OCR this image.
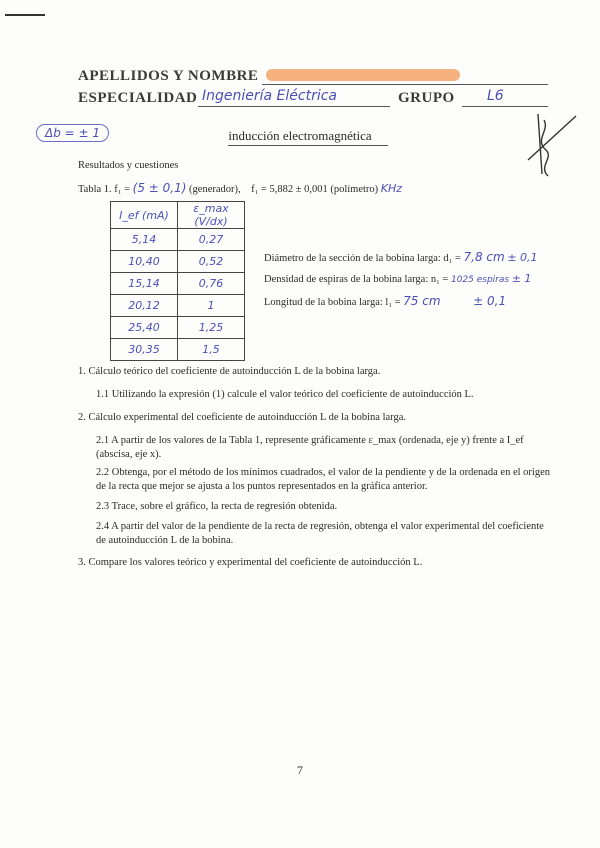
APELLIDOS Y NOMBRE
ESPECIALIDAD Ingeniería Eléctrica	GRUPO L6
Δb = ± 1	inducción electromagnética
Resultados y cuestiones
Tabla 1. f₁ = (5 ± 0,1) (generador), f₁ = 5,882 ± 0,001 (polímetro) KHz
I_ef (mA)	ε_max (V/dx)
5,14	0,27
10,40	0,52
15,14	0,76
20,12	1
25,40	1,25
30,35	1,5
Diámetro de la sección de la bobina larga: d₁ = 7,8 cm ± 0,1
Densidad de espiras de la bobina larga: n₁ = 1025 espiras ± 1
Longitud de la bobina larga: l₁ = 75 cm	± 0,1
1. Cálculo teórico del coeficiente de autoinducción L de la bobina larga.
1.1 Utilizando la expresión (1) calcule el valor teórico del coeficiente de autoinducción L.
2. Cálculo experimental del coeficiente de autoinducción L de la bobina larga.
2.1 A partir de los valores de la Tabla 1, represente gráficamente ε_max (ordenada, eje y) frente a I_ef (abscisa, eje x).
2.2 Obtenga, por el método de los mínimos cuadrados, el valor de la pendiente y de la ordenada en el origen de la recta que mejor se ajusta a los puntos representados en la gráfica anterior.
2.3 Trace, sobre el gráfico, la recta de regresión obtenida.
2.4 A partir del valor de la pendiente de la recta de regresión, obtenga el valor experimental del coeficiente de autoinducción L de la bobina.
3. Compare los valores teórico y experimental del coeficiente de autoinducción L.
7
